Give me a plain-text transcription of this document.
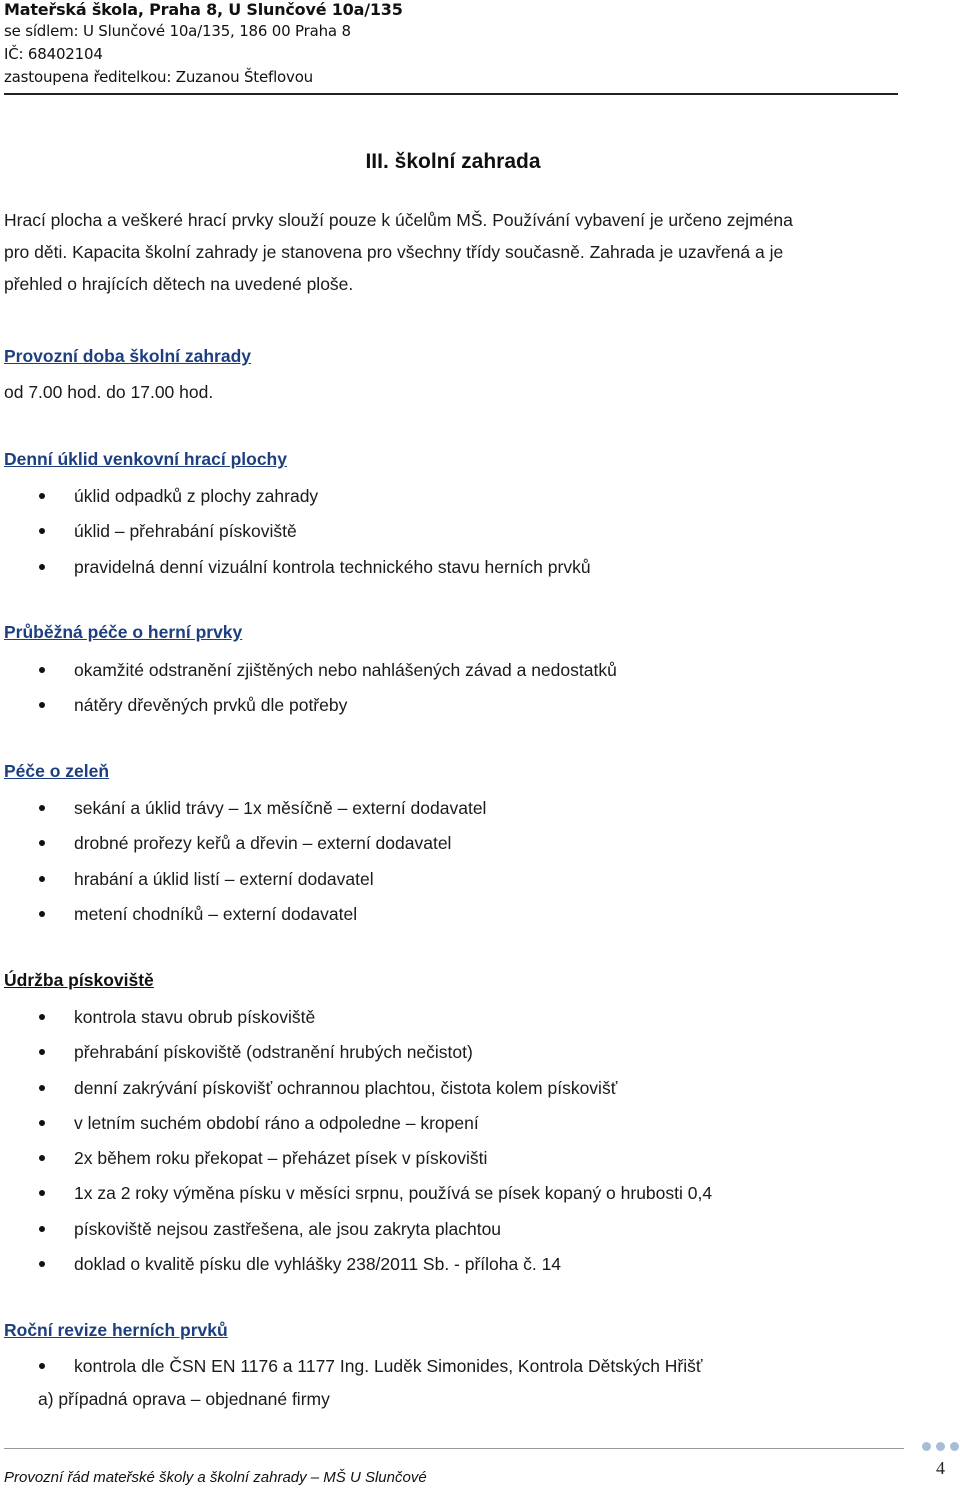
Mateřská škola, Praha 8, U Slunčové 10a/135
se sídlem: U Slunčové 10a/135, 186 00 Praha 8
IČ: 68402104
zastoupena ředitelkou: Zuzanou Šteflovou
III. školní zahrada
Hrací plocha a veškeré hrací prvky slouží pouze k účelům MŠ. Používání vybavení je určeno zejména
pro děti. Kapacita školní zahrady je stanovena pro všechny třídy současně. Zahrada je uzavřená a je
přehled o hrajících dětech na uvedené ploše.
Provozní doba školní zahrady
od 7.00 hod. do 17.00 hod.
Denní úklid venkovní hrací plochy
úklid odpadků z plochy zahrady
úklid – přehrabání pískoviště
pravidelná denní vizuální kontrola technického stavu herních prvků
Průběžná péče o herní prvky
okamžité odstranění zjištěných nebo nahlášených závad a nedostatků
nátěry dřevěných prvků dle potřeby
Péče o zeleň
sekání a úklid trávy – 1x měsíčně – externí dodavatel
drobné prořezy keřů a dřevin – externí dodavatel
hrabání a úklid listí – externí dodavatel
metení chodníků – externí dodavatel
Údržba pískoviště
kontrola stavu obrub pískoviště
přehrabání pískoviště (odstranění hrubých nečistot)
denní zakrývání pískovišť ochrannou plachtou, čistota kolem pískovišť
v letním suchém období ráno a odpoledne – kropení
2x během roku překopat – přeházet písek v pískovišti
1x za 2 roky výměna písku v měsíci srpnu, používá se písek kopaný o hrubosti 0,4
pískoviště nejsou zastřešena, ale jsou zakryta plachtou
doklad o kvalitě písku dle vyhlášky 238/2011 Sb. - příloha č. 14
Roční revize herních prvků
kontrola dle ČSN EN 1176 a 1177 Ing. Luděk Simonides, Kontrola Dětských Hřišť
a) případná oprava – objednané firmy
Provozní řád mateřské školy a školní zahrady – MŠ U Slunčové	4
